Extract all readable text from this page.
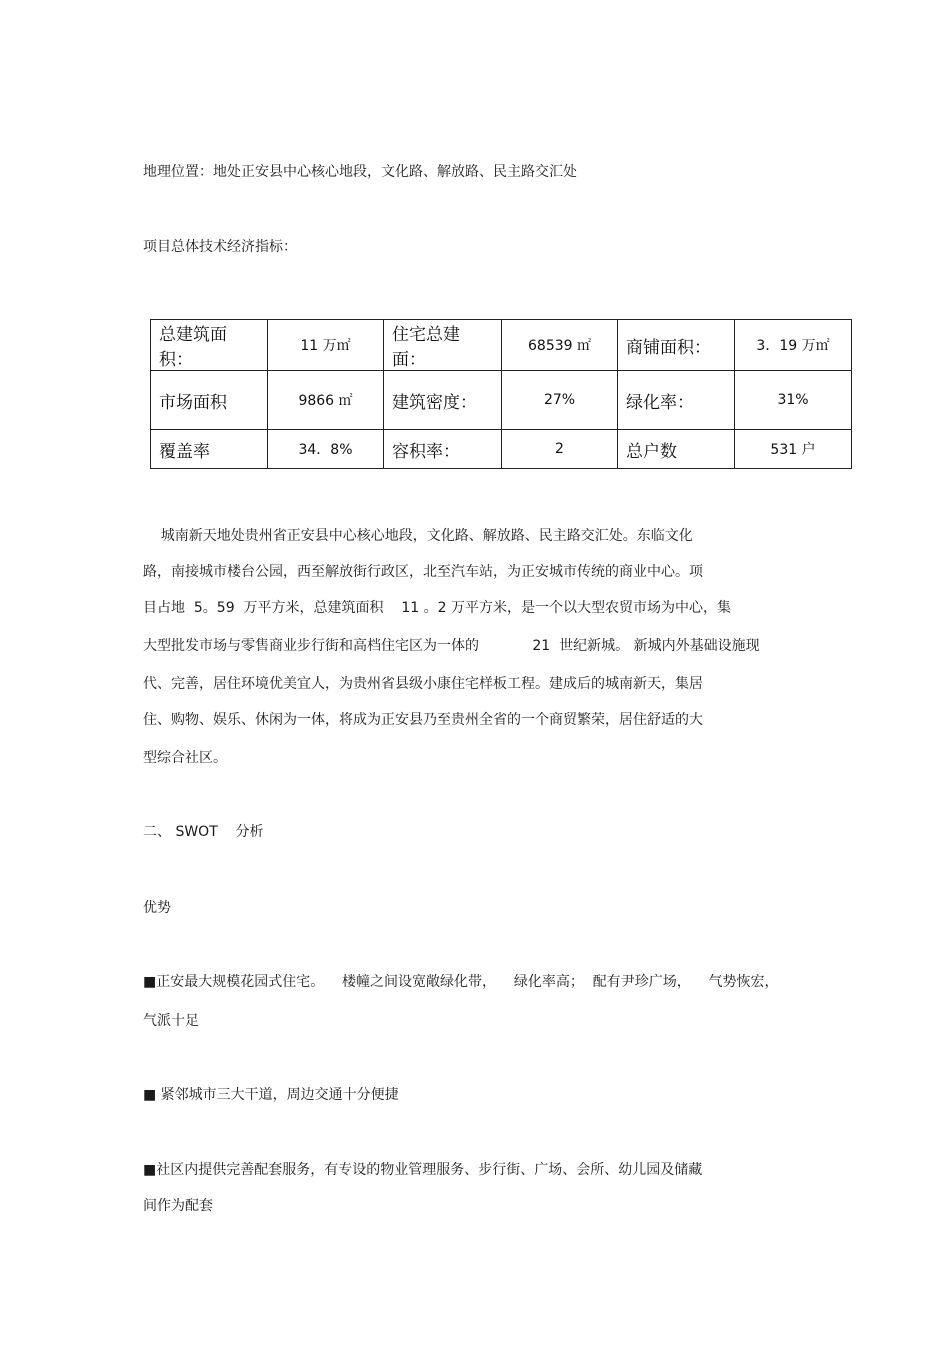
地理位置：地处正安县中心核心地段，文化路、解放路、民主路交汇处
项目总体技术经济指标：
总建筑面积：	11 万㎡	住宅总建面：	68539 ㎡	商铺面积：	3．19 万㎡
市场面积	9866 ㎡	建筑密度：	27%	绿化率：	31%
覆盖率	34．8%	容积率：	2	总户数	531 户
城南新天地处贵州省正安县中心核心地段，文化路、解放路、民主路交汇处。东临文化
路，南接城市楼台公园，西至解放街行政区，北至汽车站，为正安城市传统的商业中心。项
目占地  5。59  万平方米，总建筑面积    11 。2 万平方米，是一个以大型农贸市场为中心，集
大型批发市场与零售商业步行街和高档住宅区为一体的            21  世纪新城。 新城内外基础设施现
代、完善，居住环境优美宜人，为贵州省县级小康住宅样板工程。建成后的城南新天，集居
住、购物、娱乐、休闲为一体，将成为正安县乃至贵州全省的一个商贸繁荣，居住舒适的大
型综合社区。
二、 SWOT    分析
优势
■正安最大规模花园式住宅。    楼幢之间设宽敞绿化带，    绿化率高；  配有尹珍广场，    气势恢宏，
气派十足
■ 紧邻城市三大干道，周边交通十分便捷
■社区内提供完善配套服务，有专设的物业管理服务、步行街、广场、会所、幼儿园及储藏
间作为配套
